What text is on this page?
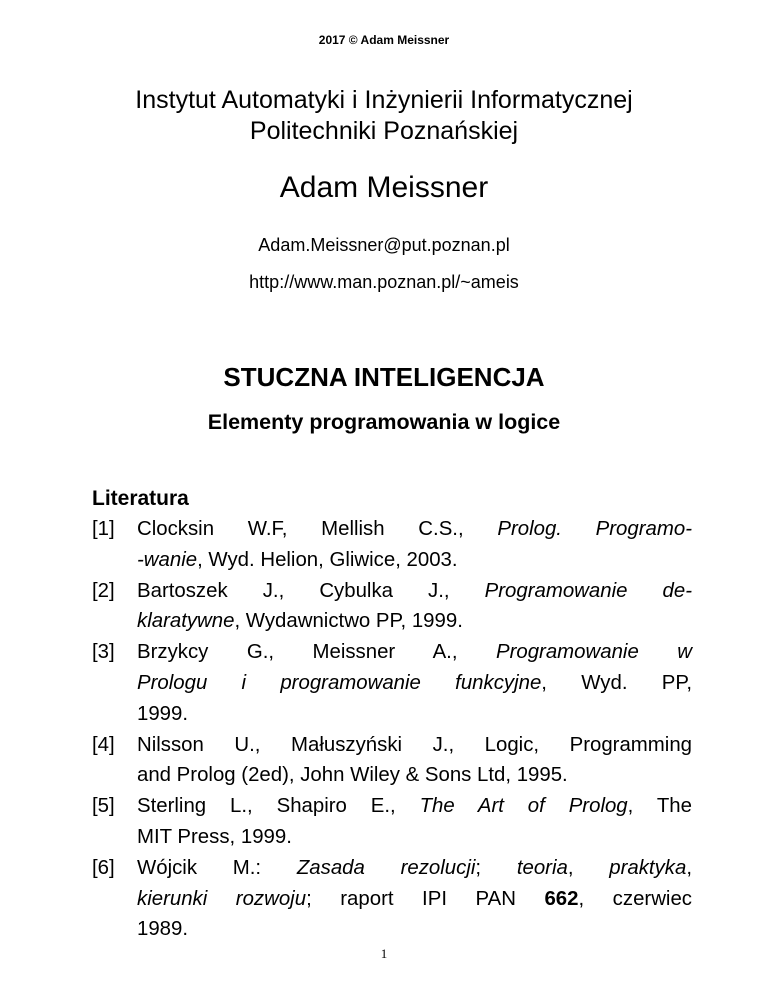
2017 © Adam Meissner
Instytut Automatyki i Inżynierii Informatycznej
Politechniki Poznańskiej
Adam Meissner
Adam.Meissner@put.poznan.pl
http://www.man.poznan.pl/~ameis
STUCZNA INTELIGENCJA
Elementy programowania w logice
Literatura
[1]	Clocksin W.F, Mellish C.S., Prolog. Programo-
-wanie, Wyd. Helion, Gliwice, 2003.
[2]	Bartoszek J., Cybulka J., Programowanie de-
klaratywne, Wydawnictwo PP, 1999.
[3]	Brzykcy G., Meissner A., Programowanie w
Prologu i programowanie funkcyjne, Wyd. PP,
1999.
[4]	Nilsson U., Małuszyński J., Logic, Programming
and Prolog (2ed), John Wiley & Sons Ltd, 1995.
[5]	Sterling L., Shapiro E., The Art of Prolog, The
MIT Press, 1999.
[6]	Wójcik M.: Zasada rezolucji; teoria, praktyka,
kierunki rozwoju; raport IPI PAN 662, czerwiec
1989.
1
